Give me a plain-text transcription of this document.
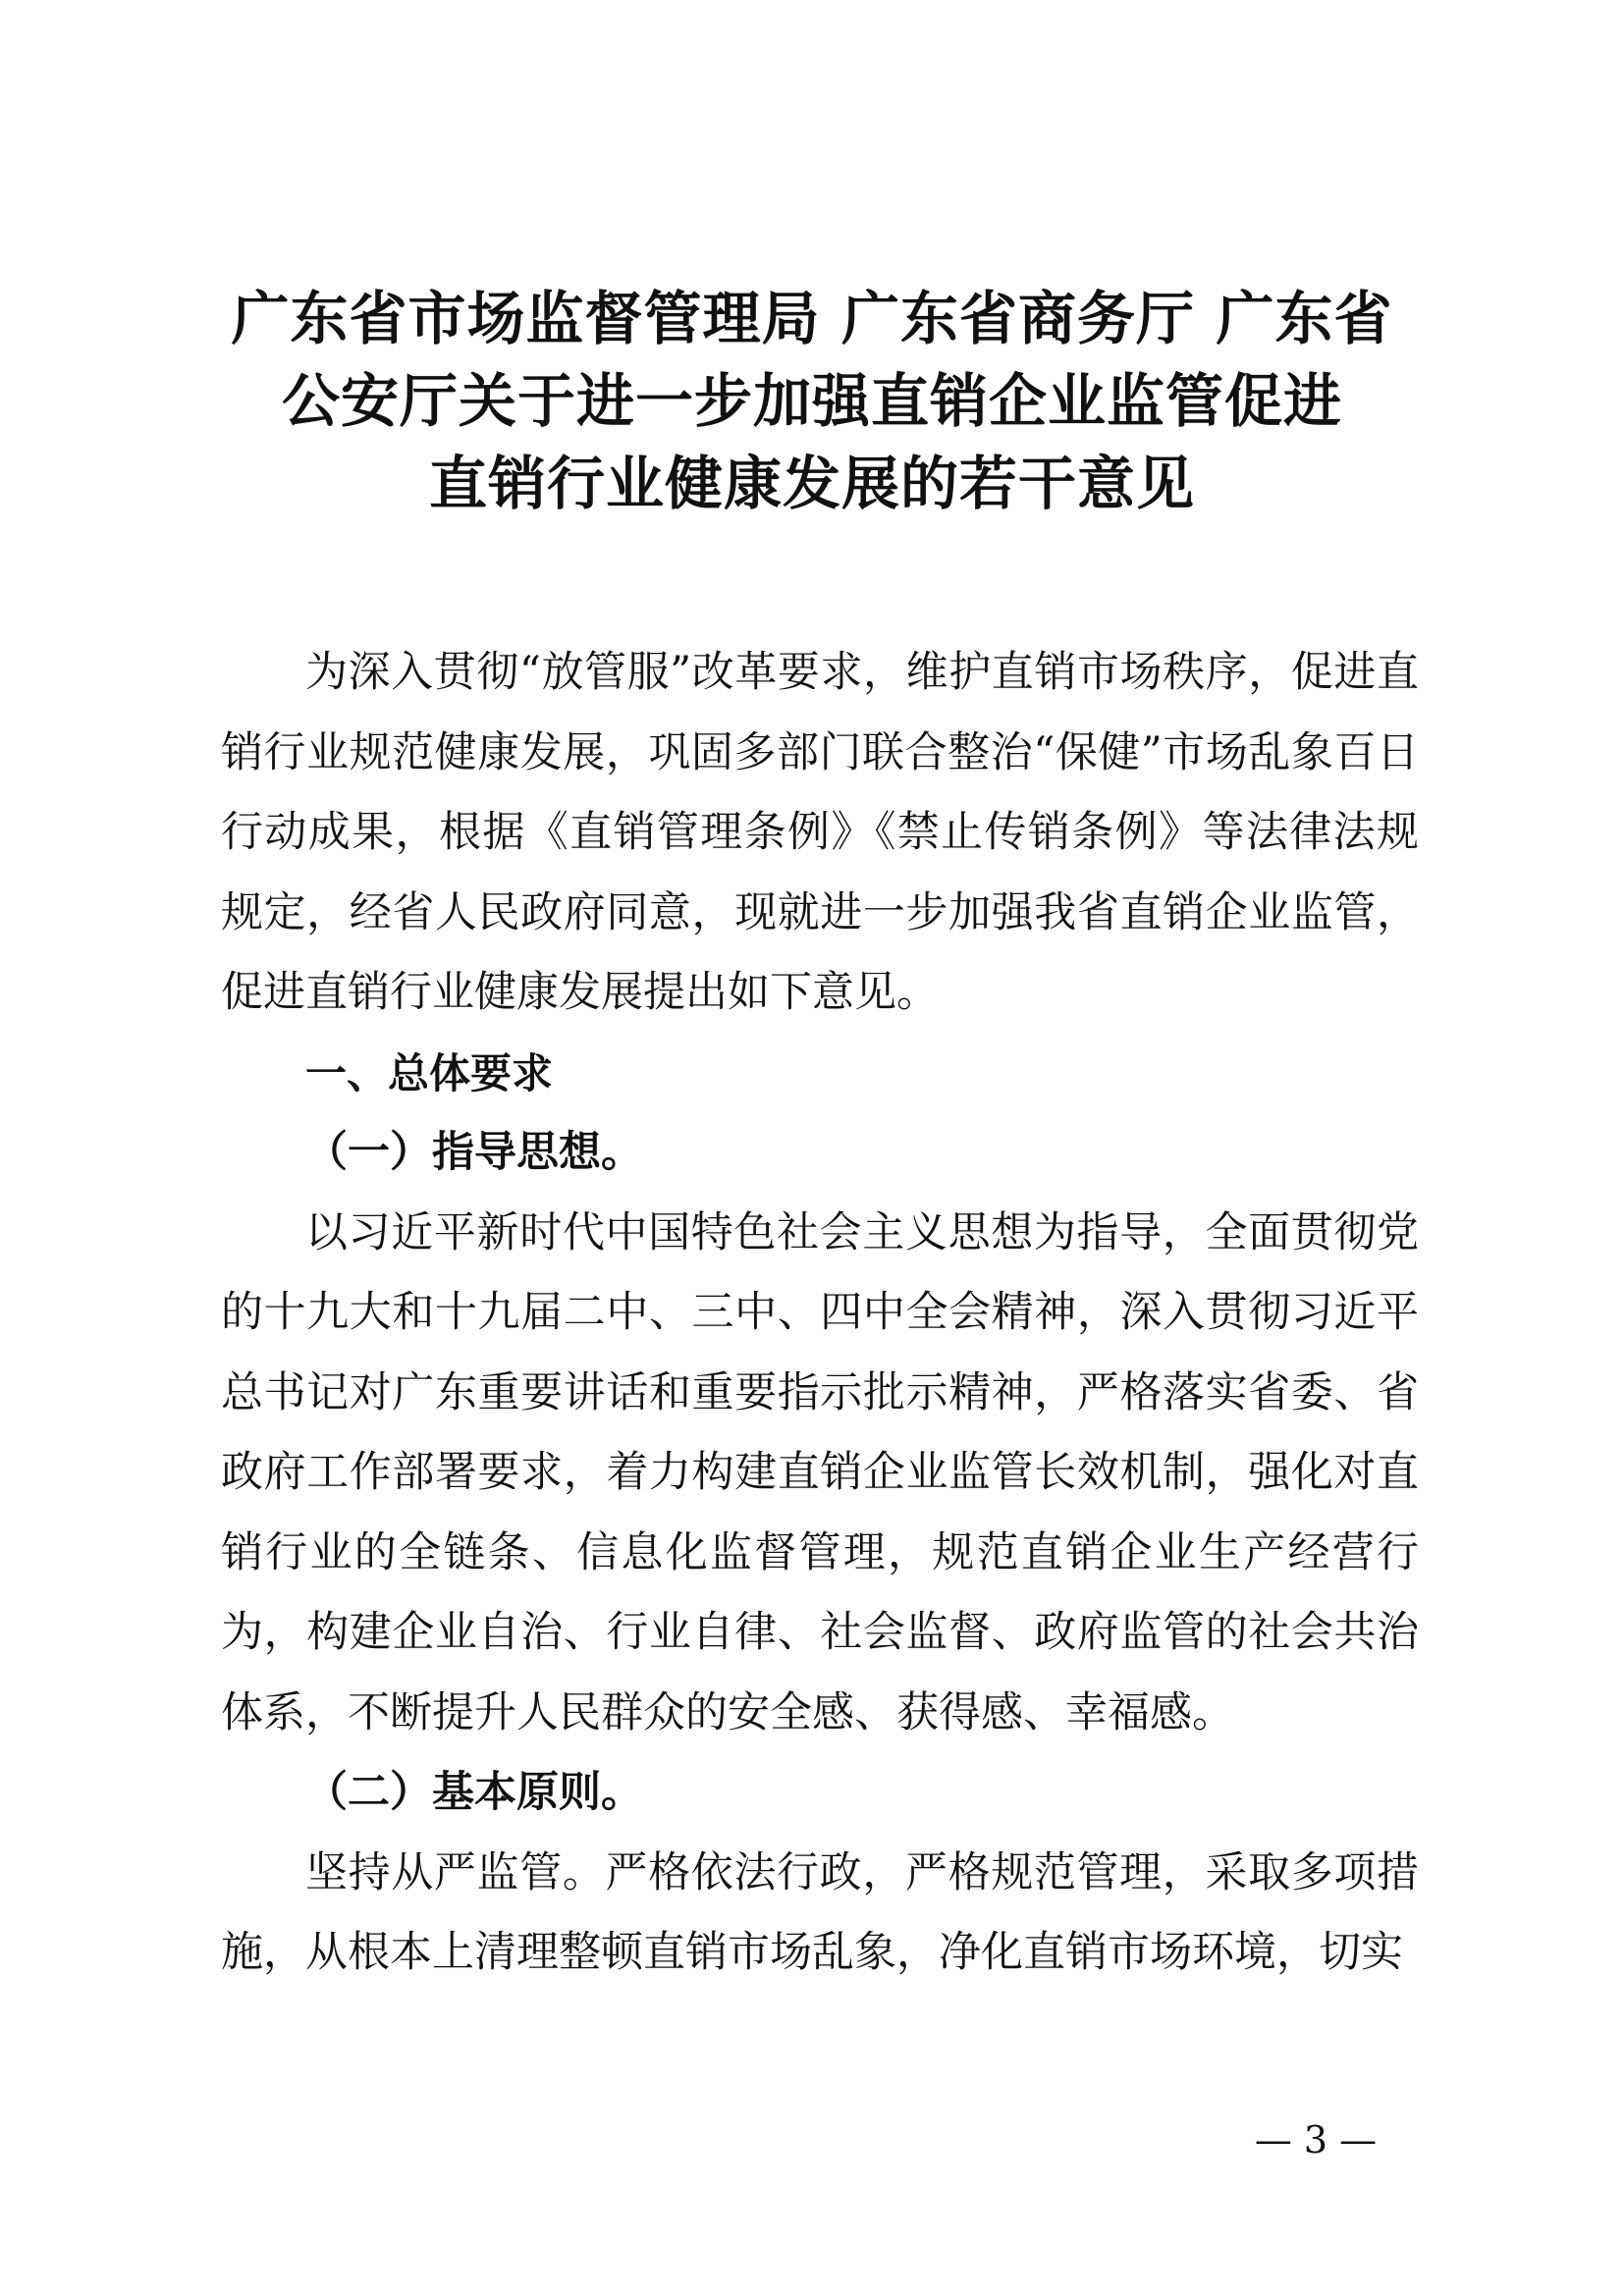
广东省市场监督管理局 广东省商务厅 广东省
公安厅关于进一步加强直销企业监管促进
直销行业健康发展的若干意见

为深入贯彻“放管服”改革要求，维护直销市场秩序，促进直销行业规范健康发展，巩固多部门联合整治“保健”市场乱象百日行动成果，根据《直销管理条例》《禁止传销条例》等法律法规规定，经省人民政府同意，现就进一步加强我省直销企业监管，促进直销行业健康发展提出如下意见。

一、总体要求

（一）指导思想。

以习近平新时代中国特色社会主义思想为指导，全面贯彻党的十九大和十九届二中、三中、四中全会精神，深入贯彻习近平总书记对广东重要讲话和重要指示批示精神，严格落实省委、省政府工作部署要求，着力构建直销企业监管长效机制，强化对直销行业的全链条、信息化监督管理，规范直销企业生产经营行为，构建企业自治、行业自律、社会监督、政府监管的社会共治体系，不断提升人民群众的安全感、获得感、幸福感。

（二）基本原则。

坚持从严监管。严格依法行政，严格规范管理，采取多项措施，从根本上清理整顿直销市场乱象，净化直销市场环境，切实

— 3 —
